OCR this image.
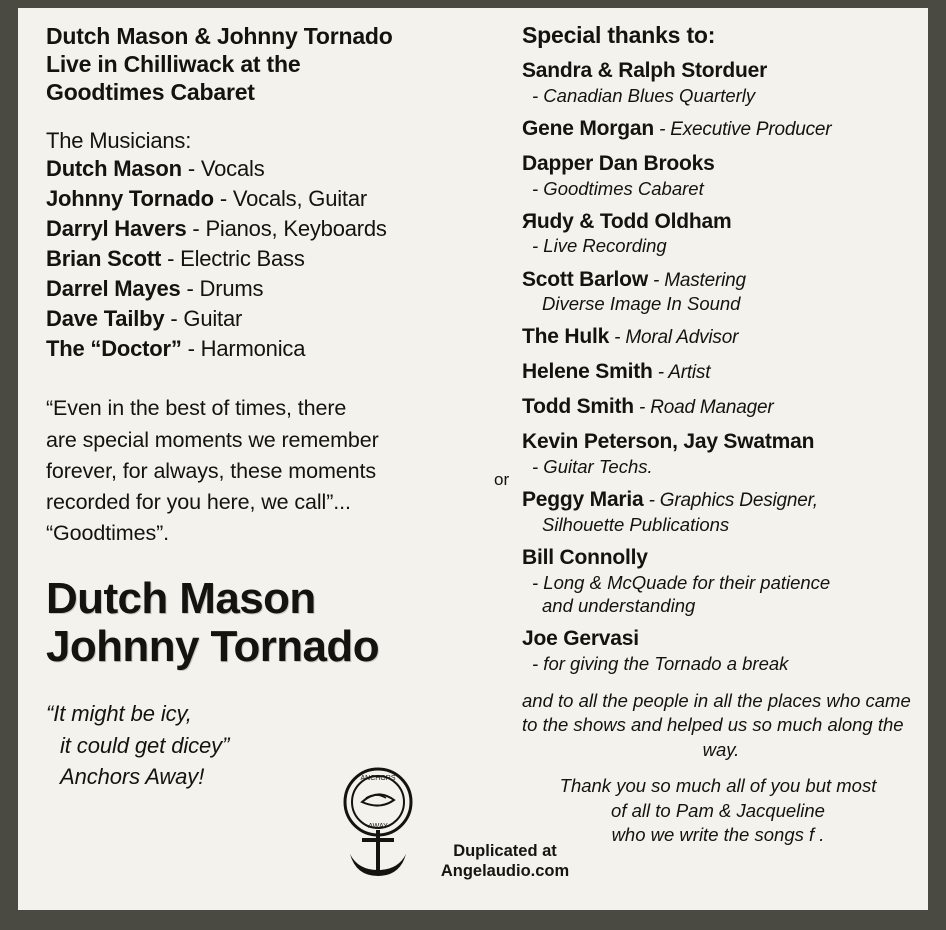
Dutch Mason & Johnny Tornado
Live in Chilliwack at the
Goodtimes Cabaret
The Musicians:
Dutch Mason - Vocals
Johnny Tornado - Vocals, Guitar
Darryl Havers - Pianos, Keyboards
Brian Scott - Electric Bass
Darrel Mayes - Drums
Dave Tailby - Guitar
The “Doctor” - Harmonica
“Even in the best of times, there
are special moments we remember
forever, for always, these moments
recorded for you here, we call”...
“Goodtimes”.
Dutch Mason
Johnny Tornado
“It might be icy,
it could get dicey”
Anchors Away!	ANCHORS
AWAY
Duplicated at
Angelaudio.com
Special thanks to:
or
Sandra & Ralph Storduer
- Canadian Blues Quarterly
Gene Morgan - Executive Producer
Dapper Dan Brooks
- Goodtimes Cabaret
Яudy & Todd Oldham
- Live Recording
Scott Barlow - Mastering
Diverse Image In Sound
The Hulk - Moral Advisor
Helene Smith - Artist
Todd Smith - Road Manager
Kevin Peterson, Jay Swatman
- Guitar Techs.
Peggy Maria - Graphics Designer,
Silhouette Publications
Bill Connolly
- Long & McQuade for their patience
and understanding
Joe Gervasi
- for giving the Tornado a break
and to all the people in all the places who came
to the shows and helped us so much along the
way.
Thank you so much all of you but most
of all to Pam & Jacqueline
who we write the songs f .
